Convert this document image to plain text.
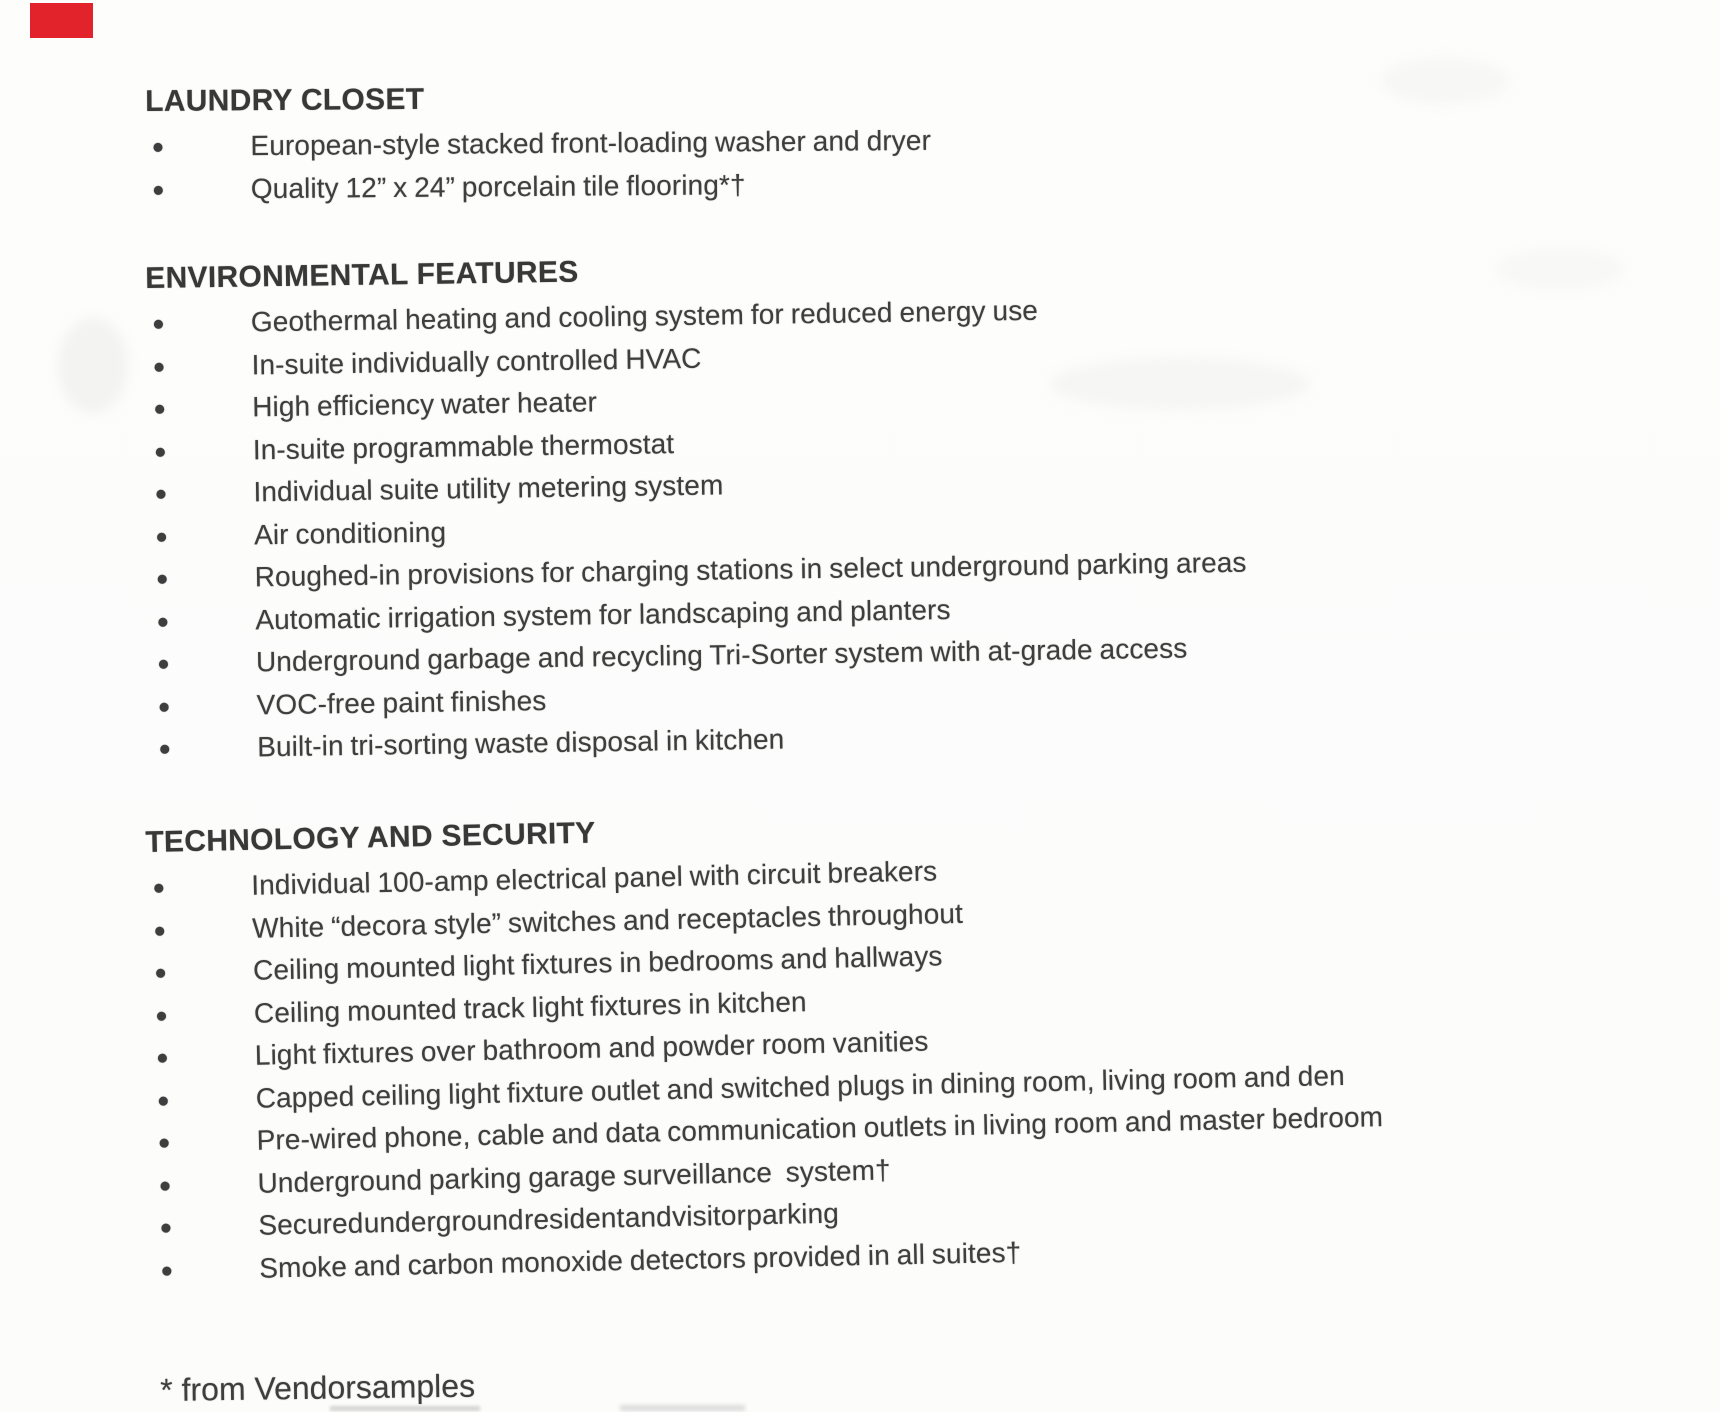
LAUNDRY CLOSET
European-style stacked front-loading washer and dryer
Quality 12” x 24” porcelain tile flooring*†
ENVIRONMENTAL FEATURES
Geothermal heating and cooling system for reduced energy use
In-suite individually controlled HVAC
High efficiency water heater
In-suite programmable thermostat
Individual suite utility metering system
Air conditioning
Roughed-in provisions for charging stations in select underground parking areas
Automatic irrigation system for landscaping and planters
Underground garbage and recycling Tri-Sorter system with at-grade access
VOC-free paint finishes
Built-in tri-sorting waste disposal in kitchen
TECHNOLOGY AND SECURITY
Individual 100-amp electrical panel with circuit breakers
White “decora style” switches and receptacles throughout
Ceiling mounted light fixtures in bedrooms and hallways
Ceiling mounted track light fixtures in kitchen
Light fixtures over bathroom and powder room vanities
Capped ceiling light fixture outlet and switched plugs in dining room, living room and den
Pre-wired phone, cable and data communication outlets in living room and master bedroom
Underground parking garage surveillance  system†
Secured underground resident and visitor parking
Smoke and carbon monoxide detectors provided in all suites†
* from Vendorsamples
